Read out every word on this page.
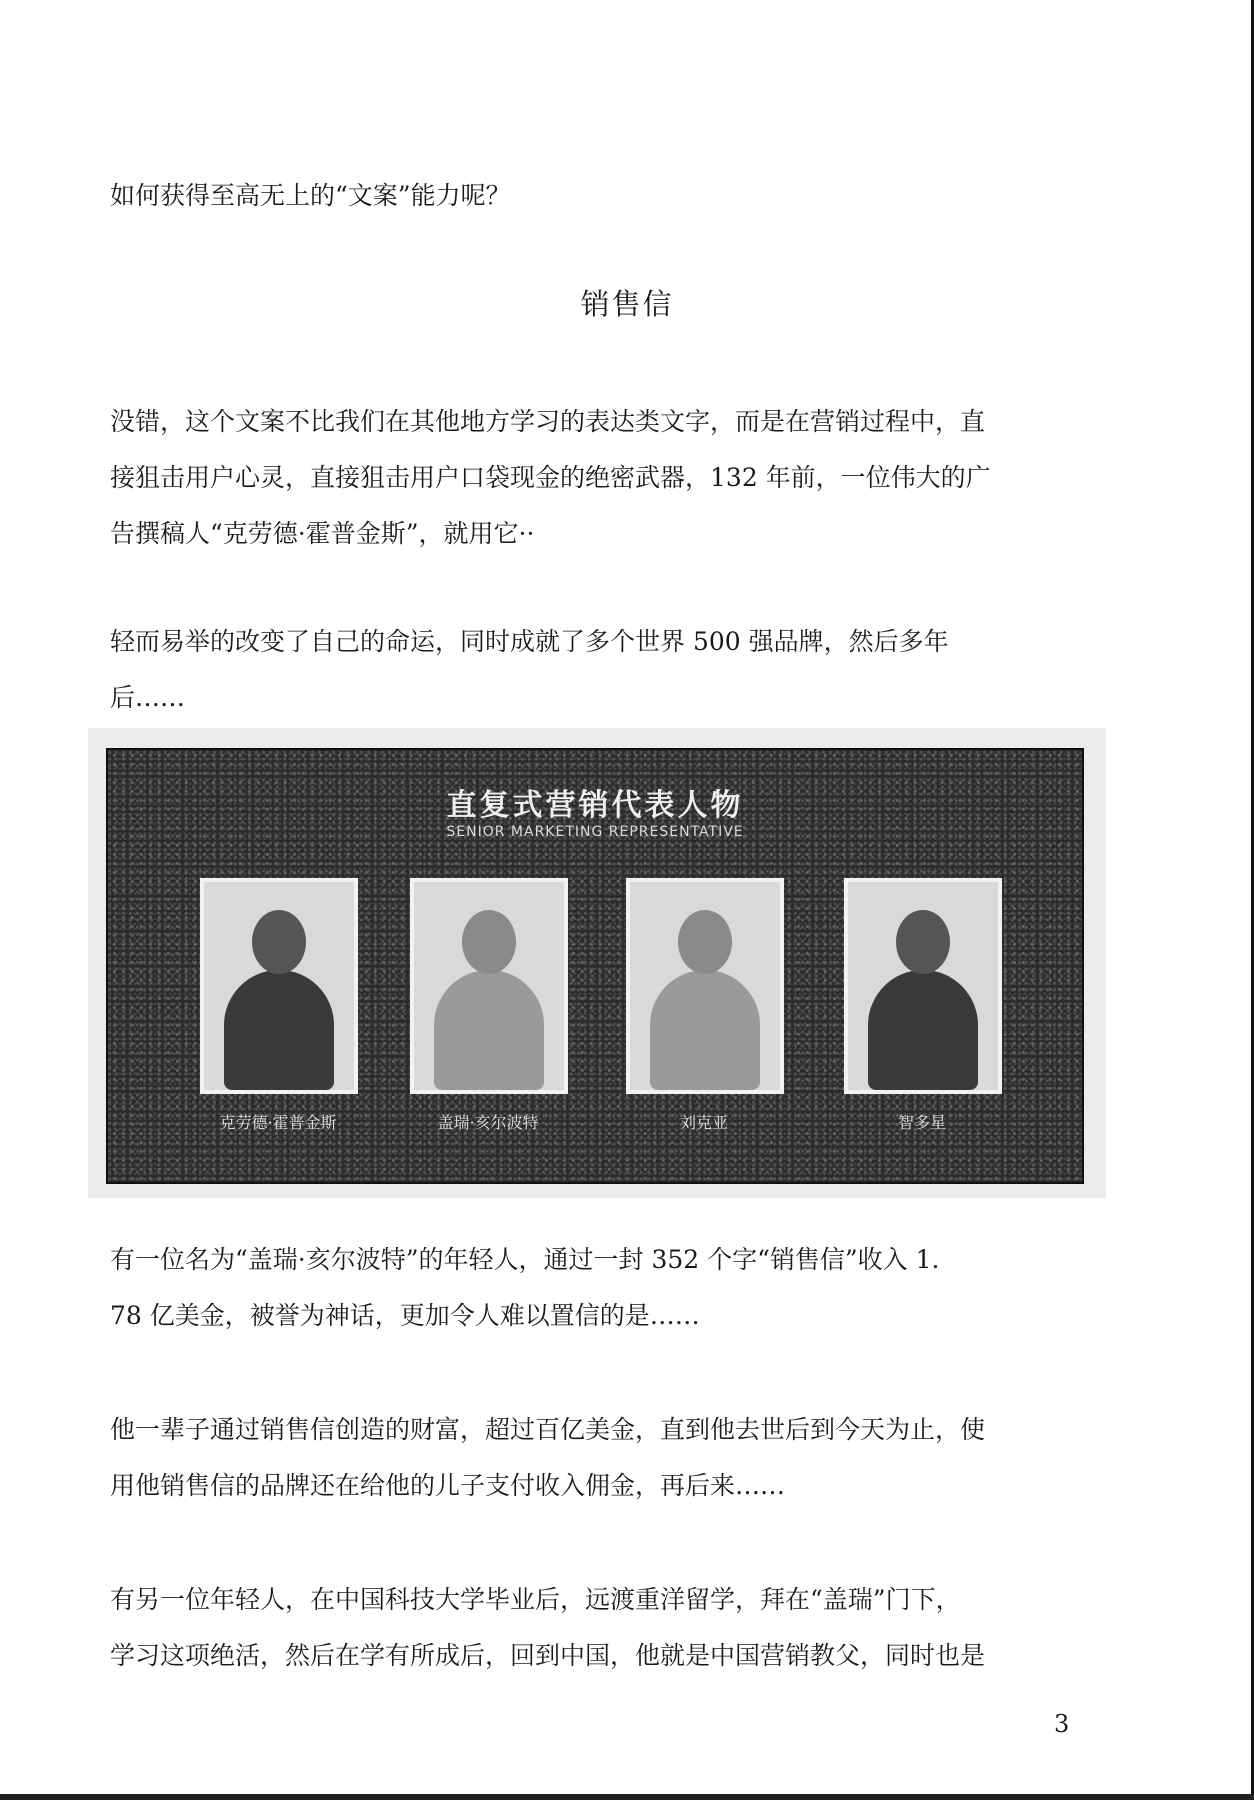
如何获得至高无上的“文案”能力呢？

销售信

没错，这个文案不比我们在其他地方学习的表达类文字，而是在营销过程中，直
接狙击用户心灵，直接狙击用户口袋现金的绝密武器，132 年前，一位伟大的广
告撰稿人“克劳德·霍普金斯”，就用它··

轻而易举的改变了自己的命运，同时成就了多个世界 500 强品牌，然后多年
后……

直复式营销代表人物
SENIOR MARKETING REPRESENTATIVE
克劳德·霍普金斯	盖瑞·亥尔波特	刘克亚	智多星

有一位名为“盖瑞·亥尔波特”的年轻人，通过一封 352 个字“销售信”收入 1.
78 亿美金，被誉为神话，更加令人难以置信的是……

他一辈子通过销售信创造的财富，超过百亿美金，直到他去世后到今天为止，使
用他销售信的品牌还在给他的儿子支付收入佣金，再后来……

有另一位年轻人，在中国科技大学毕业后，远渡重洋留学，拜在“盖瑞”门下，
学习这项绝活，然后在学有所成后，回到中国，他就是中国营销教父，同时也是

3
